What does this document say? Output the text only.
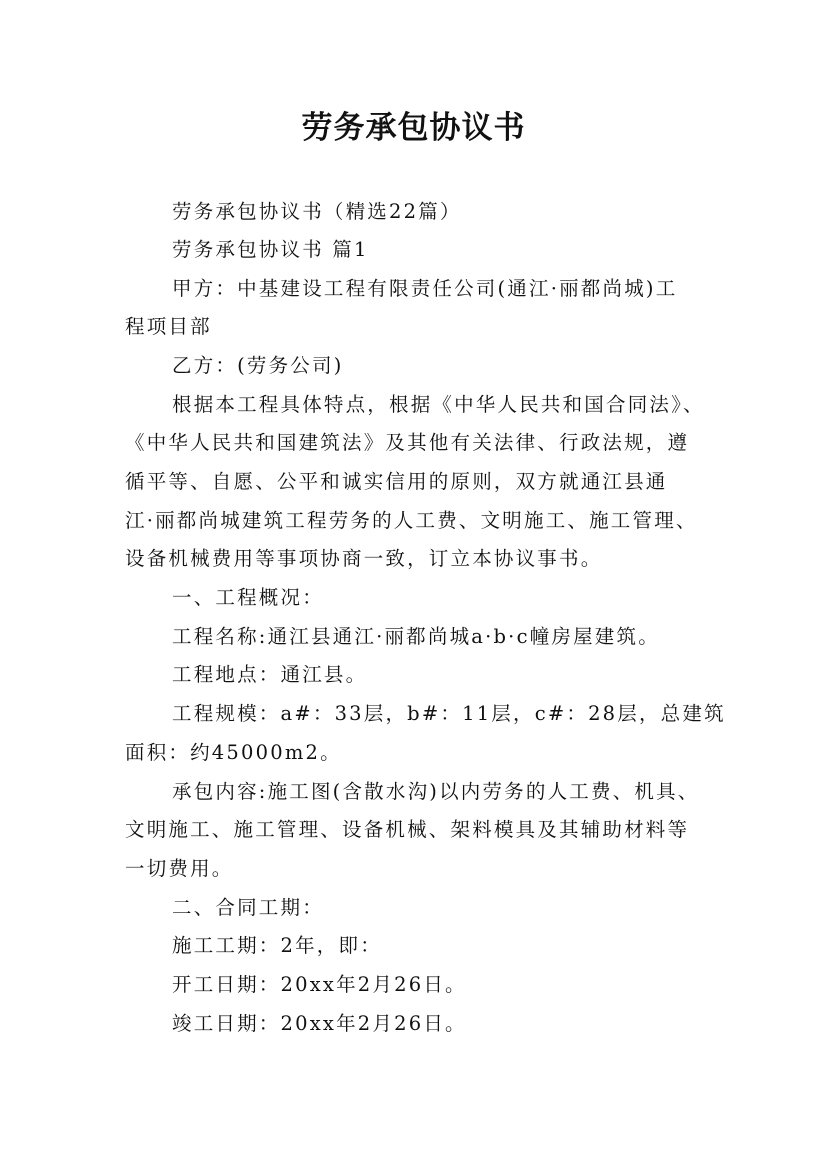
劳务承包协议书
劳务承包协议书（精选22篇）
劳务承包协议书 篇1
甲方：中基建设工程有限责任公司(通江·丽都尚城)工
程项目部
乙方：(劳务公司)
根据本工程具体特点，根据《中华人民共和国合同法》、
《中华人民共和国建筑法》及其他有关法律、行政法规，遵
循平等、自愿、公平和诚实信用的原则，双方就通江县通
江·丽都尚城建筑工程劳务的人工费、文明施工、施工管理、
设备机械费用等事项协商一致，订立本协议事书。
一、工程概况：
工程名称:通江县通江·丽都尚城a·b·c幢房屋建筑。
工程地点：通江县。
工程规模：a#：33层，b#：11层，c#：28层，总建筑
面积：约45000m2。
承包内容:施工图(含散水沟)以内劳务的人工费、机具、
文明施工、施工管理、设备机械、架料模具及其辅助材料等
一切费用。
二、合同工期：
施工工期：2年，即：
开工日期：20xx年2月26日。
竣工日期：20xx年2月26日。
